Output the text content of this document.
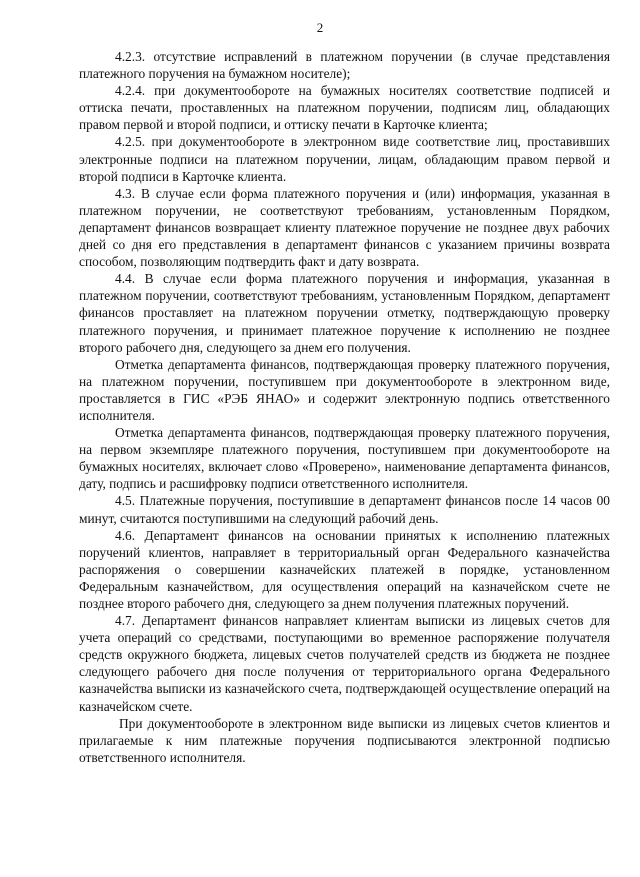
2

4.2.3. отсутствие исправлений в платежном поручении (в случае представления платежного поручения на бумажном носителе);

4.2.4. при документообороте на бумажных носителях соответствие подписей и оттиска печати, проставленных на платежном поручении, подписям лиц, обладающих правом первой и второй подписи, и оттиску печати в Карточке клиента;

4.2.5. при документообороте в электронном виде соответствие лиц, проставивших электронные подписи на платежном поручении, лицам, обладающим правом первой и второй подписи в Карточке клиента.

4.3. В случае если форма платежного поручения и (или) информация, указанная в платежном поручении, не соответствуют требованиям, установленным Порядком, департамент финансов возвращает клиенту платежное поручение не позднее двух рабочих дней со дня его представления в департамент финансов с указанием причины возврата способом, позволяющим подтвердить факт и дату возврата.

4.4. В случае если форма платежного поручения и информация, указанная в платежном поручении, соответствуют требованиям, установленным Порядком, департамент финансов проставляет на платежном поручении отметку, подтверждающую проверку платежного поручения, и принимает платежное поручение к исполнению не позднее второго рабочего дня, следующего за днем его получения.

Отметка департамента финансов, подтверждающая проверку платежного поручения, на платежном поручении, поступившем при документообороте в электронном виде, проставляется в ГИС «РЭБ ЯНАО» и содержит электронную подпись ответственного исполнителя.

Отметка департамента финансов, подтверждающая проверку платежного поручения, на первом экземпляре платежного поручения, поступившем при документообороте на бумажных носителях, включает слово «Проверено», наименование департамента финансов, дату, подпись и расшифровку подписи ответственного исполнителя.

4.5. Платежные поручения, поступившие в департамент финансов после 14 часов 00 минут, считаются поступившими на следующий рабочий день.

4.6. Департамент финансов на основании принятых к исполнению платежных поручений клиентов, направляет в территориальный орган Федерального казначейства распоряжения о совершении казначейских платежей в порядке, установленном Федеральным казначейством, для осуществления операций на казначейском счете не позднее второго рабочего дня, следующего за днем получения платежных поручений.

4.7. Департамент финансов направляет клиентам выписки из лицевых счетов для учета операций со средствами, поступающими во временное распоряжение получателя средств окружного бюджета, лицевых счетов получателей средств из бюджета не позднее следующего рабочего дня после получения от территориального органа Федерального казначейства выписки из казначейского счета, подтверждающей осуществление операций на казначейском счете.

При документообороте в электронном виде выписки из лицевых счетов клиентов и прилагаемые к ним платежные поручения подписываются электронной подписью ответственного исполнителя.
